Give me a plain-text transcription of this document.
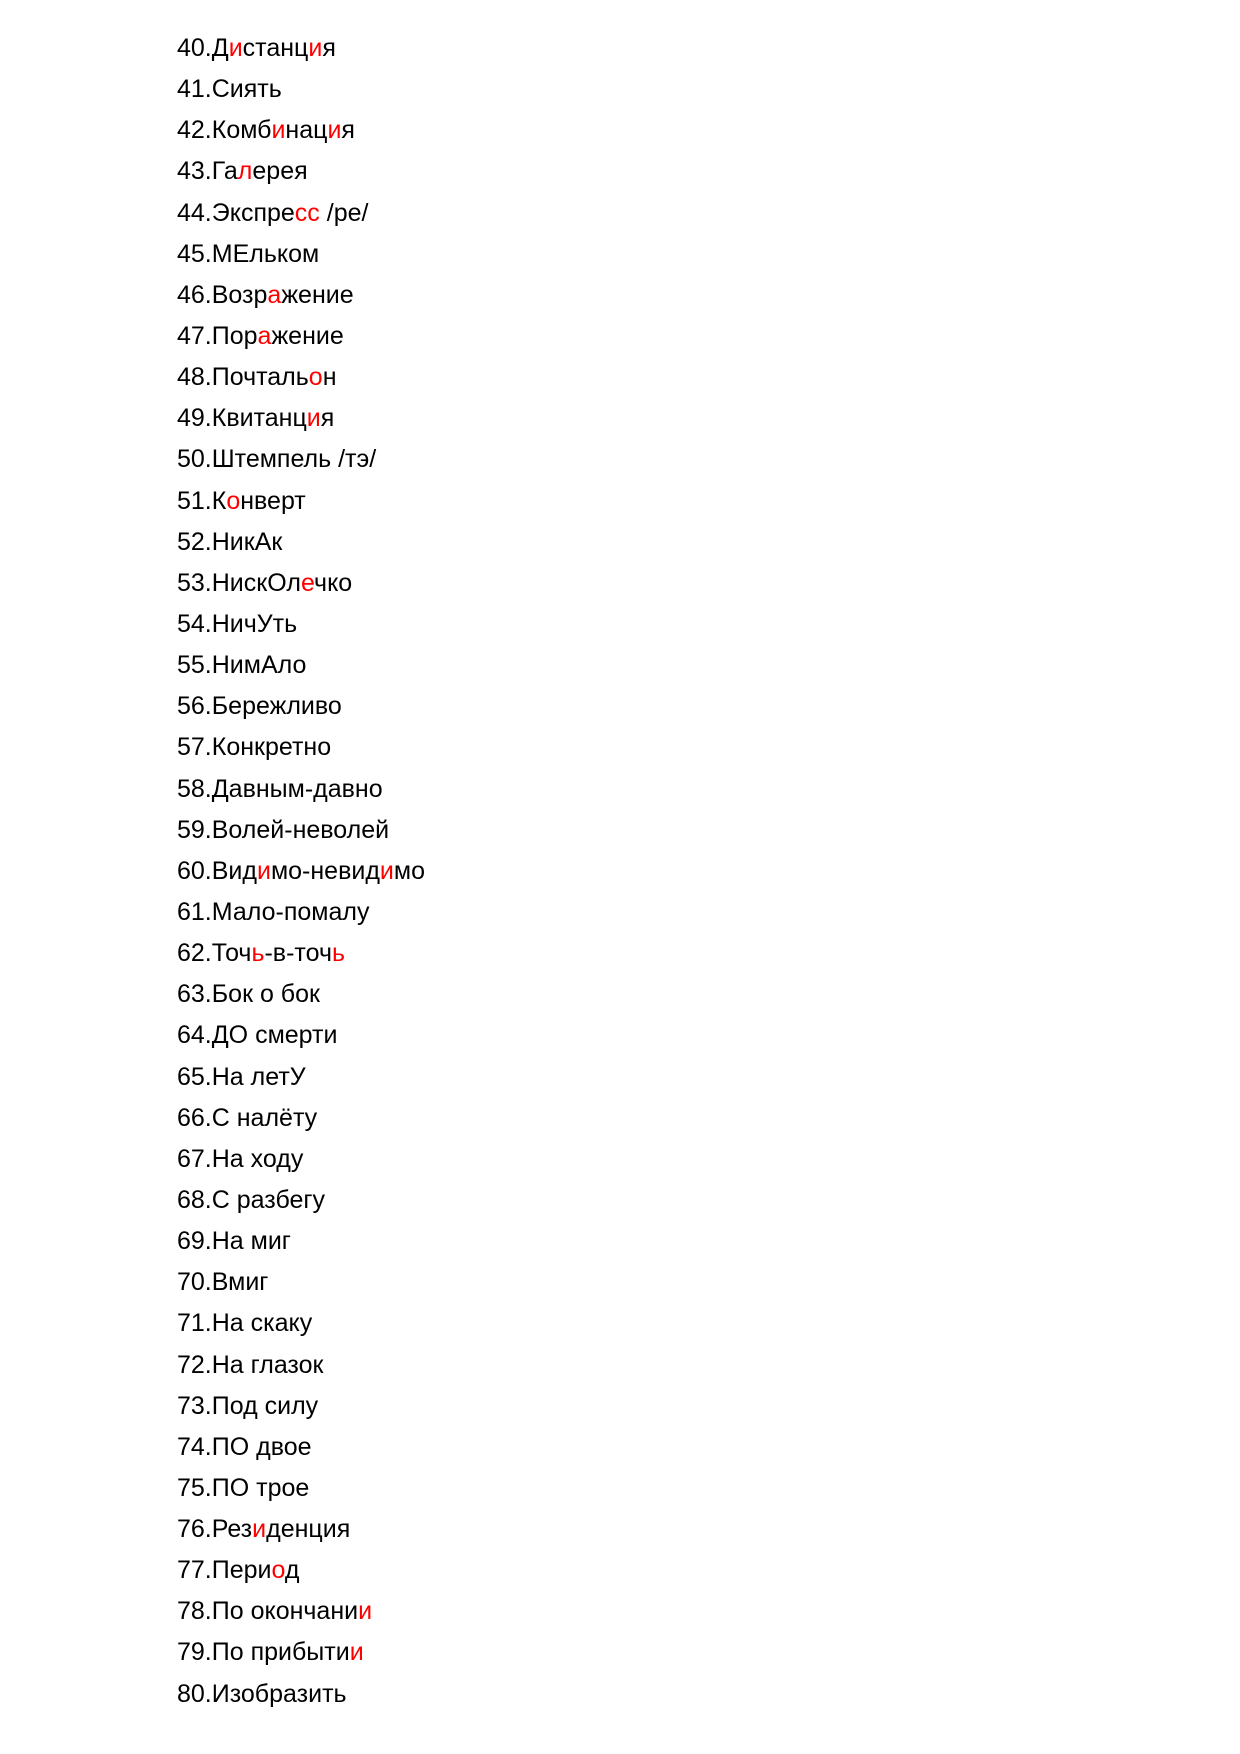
40.Дистанция
41.Сиять
42.Комбинация
43.Галерея
44.Экспресс /ре/
45.МЕльком
46.Возражение
47.Поражение
48.Почтальон
49.Квитанция
50.Штемпель /тэ/
51.Конверт
52.НикАк
53.НискОлечко
54.НичУть
55.НимАло
56.Бережливо
57.Конкретно
58.Давным-давно
59.Волей-неволей
60.Видимо-невидимо
61.Мало-помалу
62.Точь-в-точь
63.Бок о бок
64.ДО смерти
65.На летУ
66.С налёту
67.На ходу
68.С разбегу
69.На миг
70.Вмиг
71.На скаку
72.На глазок
73.Под силу
74.ПО двое
75.ПО трое
76.Резиденция
77.Период
78.По окончании
79.По прибытии
80.Изобразить
